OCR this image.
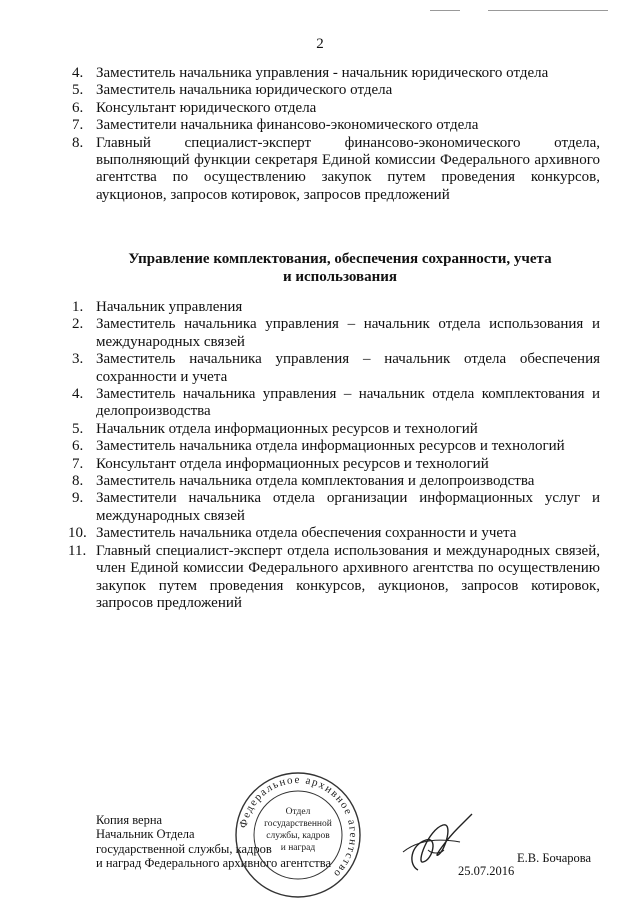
2
4. Заместитель начальника управления - начальник юридического отдела
5. Заместитель начальника юридического отдела
6. Консультант юридического отдела
7. Заместители начальника финансово-экономического отдела
8. Главный специалист-эксперт финансово-экономического отдела, выполняющий функции секретаря Единой комиссии Федерального архивного агентства по осуществлению закупок путем проведения конкурсов, аукционов, запросов котировок, запросов предложений
Управление комплектования, обеспечения сохранности, учета
и использования
1. Начальник управления
2. Заместитель начальника управления – начальник отдела использования и международных связей
3. Заместитель начальника управления – начальник отдела обеспечения сохранности и учета
4. Заместитель начальника управления – начальник отдела комплектования и делопроизводства
5. Начальник отдела информационных ресурсов и технологий
6. Заместитель начальника отдела информационных ресурсов и технологий
7. Консультант отдела информационных ресурсов и технологий
8. Заместитель начальника отдела комплектования и делопроизводства
9. Заместители начальника отдела организации информационных услуг и международных связей
10. Заместитель начальника отдела обеспечения сохранности и учета
11. Главный специалист-эксперт отдела использования и международных связей, член Единой комиссии Федерального архивного агентства по осуществлению закупок путем проведения конкурсов, аукционов, запросов котировок, запросов предложений
Копия верна
Начальник Отдела
государственной службы, кадров
и наград Федерального архивного агентства
Федеральное архивное агентство
Отдел
государственной
службы, кадров
и наград
25.07.2016
Е.В. Бочарова
